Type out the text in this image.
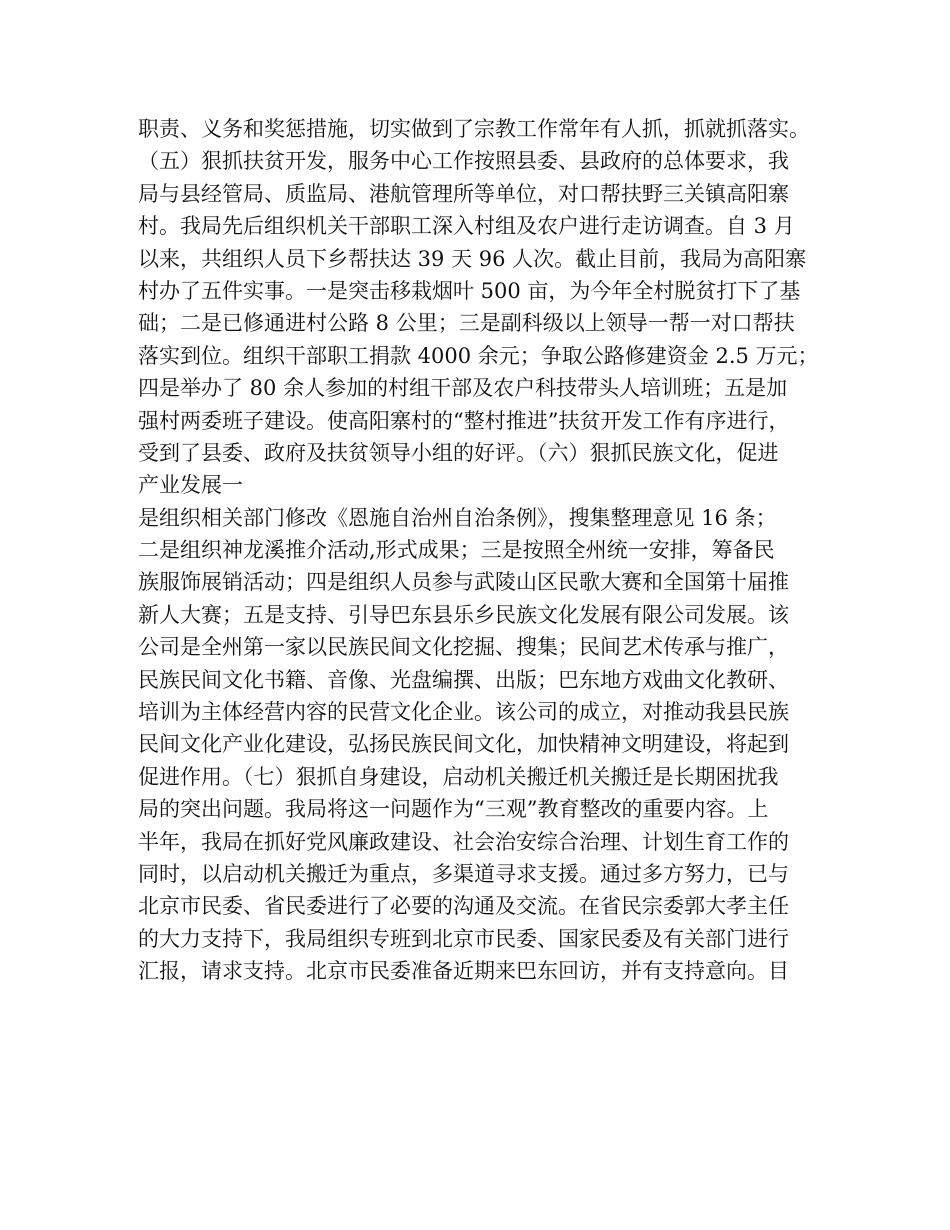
职责、义务和奖惩措施，切实做到了宗教工作常年有人抓，抓就抓落实。
（五）狠抓扶贫开发，服务中心工作按照县委、县政府的总体要求，我
局与县经管局、质监局、港航管理所等单位，对口帮扶野三关镇高阳寨
村。我局先后组织机关干部职工深入村组及农户进行走访调查。自 3 月
以来，共组织人员下乡帮扶达 39 天 96 人次。截止目前，我局为高阳寨
村办了五件实事。一是突击移栽烟叶 500 亩，为今年全村脱贫打下了基
础；二是已修通进村公路 8 公里；三是副科级以上领导一帮一对口帮扶
落实到位。组织干部职工捐款 4000 余元；争取公路修建资金 2.5 万元；
四是举办了 80 余人参加的村组干部及农户科技带头人培训班；五是加
强村两委班子建设。使高阳寨村的“整村推进”扶贫开发工作有序进行，
受到了县委、政府及扶贫领导小组的好评。（六）狠抓民族文化，促进
产业发展一
是组织相关部门修改《恩施自治州自治条例》，搜集整理意见 16 条；
二是组织神龙溪推介活动,形式成果；三是按照全州统一安排，筹备民
族服饰展销活动；四是组织人员参与武陵山区民歌大赛和全国第十届推
新人大赛；五是支持、引导巴东县乐乡民族文化发展有限公司发展。该
公司是全州第一家以民族民间文化挖掘、搜集；民间艺术传承与推广，
民族民间文化书籍、音像、光盘编撰、出版；巴东地方戏曲文化教研、
培训为主体经营内容的民营文化企业。该公司的成立，对推动我县民族
民间文化产业化建设，弘扬民族民间文化，加快精神文明建设，将起到
促进作用。（七）狠抓自身建设，启动机关搬迁机关搬迁是长期困扰我
局的突出问题。我局将这一问题作为“三观”教育整改的重要内容。上
半年，我局在抓好党风廉政建设、社会治安综合治理、计划生育工作的
同时，以启动机关搬迁为重点，多渠道寻求支援。通过多方努力，已与
北京市民委、省民委进行了必要的沟通及交流。在省民宗委郭大孝主任
的大力支持下，我局组织专班到北京市民委、国家民委及有关部门进行
汇报，请求支持。北京市民委准备近期来巴东回访，并有支持意向。目
